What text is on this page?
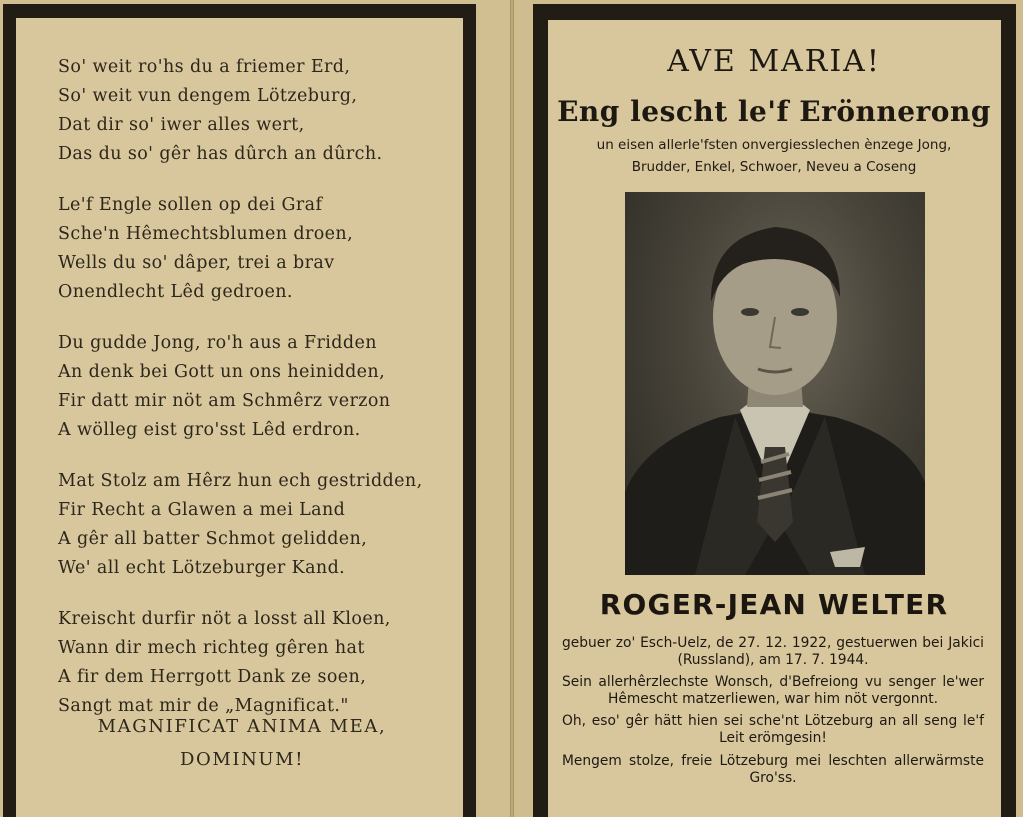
So' weit ro'hs du a friemer Erd,
So' weit vun dengem Lötzeburg,
Dat dir so' iwer alles wert,
Das du so' gêr has dûrch an dûrch.
Le'f Engle sollen op dei Graf
Sche'n Hêmechtsblumen droen,
Wells du so' dâper, trei a brav
Onendlecht Lêd gedroen.
Du gudde Jong, ro'h aus a Fridden
An denk bei Gott un ons heinidden,
Fir datt mir nöt am Schmêrz verzon
A wölleg eist gro'sst Lêd erdron.
Mat Stolz am Hêrz hun ech gestridden,
Fir Recht a Glawen a mei Land
A gêr all batter Schmot gelidden,
We' all echt Lötzeburger Kand.
Kreischt durfir nöt a losst all Kloen,
Wann dir mech richteg gêren hat
A fir dem Herrgott Dank ze soen,
Sangt mat mir de „Magnificat."
MAGNIFICAT ANIMA MEA,
DOMINUM!
AVE MARIA!
Eng lescht le'f Erönnerong
un eisen allerle'fsten onvergiesslechen ènzege Jong,
Brudder, Enkel, Schwoer, Neveu a Coseng
ROGER-JEAN WELTER
gebuer zo' Esch-Uelz, de 27. 12. 1922, gestuerwen bei Jakici (Russland), am 17. 7. 1944.
Sein allerhêrzlechste Wonsch, d'Befreiong vu senger le'wer Hêmescht matzerliewen, war him nöt vergonnt.
Oh, eso' gêr hätt hien sei sche'nt Lötzeburg an all seng le'f Leit erömgesin!
Mengem stolze, freie Lötzeburg mei leschten allerwärmste Gro'ss.
